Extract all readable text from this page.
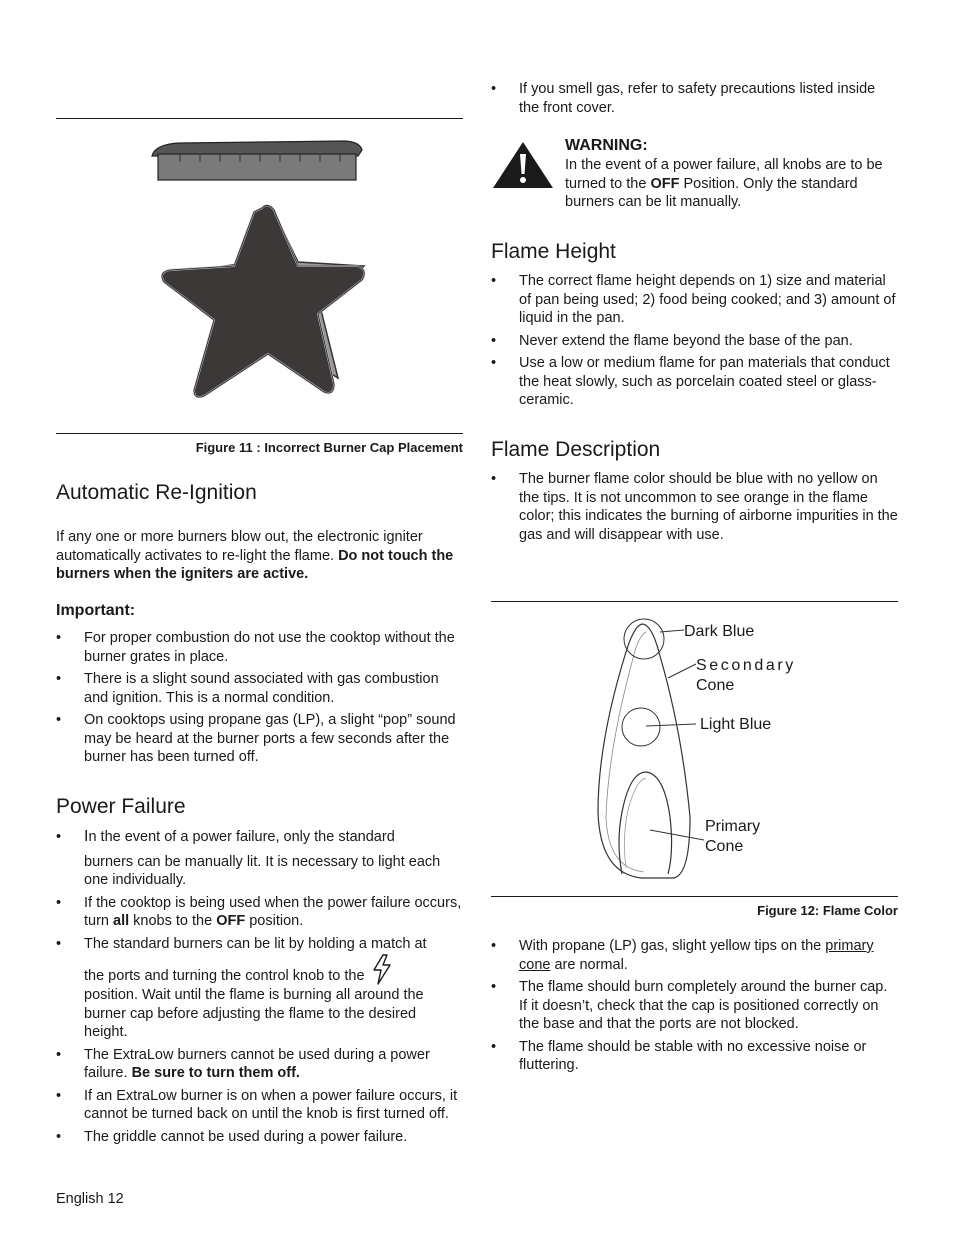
Figure 11 : Incorrect Burner Cap Placement
Automatic Re-Ignition

If any one or more burners blow out, the electronic igniter automatically activates to re-light the flame. Do not touch the burners when the igniters are active.

Important:
• For proper combustion do not use the cooktop without the burner grates in place.
• There is a slight sound associated with gas combustion and ignition. This is a normal condition.
• On cooktops using propane gas (LP), a slight “pop” sound may be heard at the burner ports a few seconds after the burner has been turned off.
Power Failure
• In the event of a power failure, only the standard

burners can be manually lit. It is necessary to light each one individually.
• If the cooktop is being used when the power failure occurs, turn all knobs to the OFF position.
• The standard burners can be lit by holding a match at
the ports and turning the control knob to the
position. Wait until the flame is burning all around the burner cap before adjusting the flame to the desired height.
• The ExtraLow burners cannot be used during a power failure. Be sure to turn them off.
• If an ExtraLow burner is on when a power failure occurs, it cannot be turned back on until the knob is first turned off.
• The griddle cannot be used during a power failure.

English 12

• If you smell gas, refer to safety precautions listed inside the front cover.
WARNING:
In the event of a power failure, all knobs are to be turned to the OFF Position. Only the standard burners can be lit manually.
Flame Height
• The correct flame height depends on 1) size and material of pan being used; 2) food being cooked; and 3) amount of liquid in the pan.
• Never extend the flame beyond the base of the pan.
• Use a low or medium flame for pan materials that conduct the heat slowly, such as porcelain coated steel or glass-ceramic.
Flame Description
• The burner flame color should be blue with no yellow on the tips. It is not uncommon to see orange in the flame color; this indicates the burning of airborne impurities in the gas and will disappear with use.
Dark Blue
Secondary
Cone
Light Blue
Primary
Cone
Figure 12: Flame Color
• With propane (LP) gas, slight yellow tips on the primary cone are normal.
• The flame should burn completely around the burner cap. If it doesn’t, check that the cap is positioned correctly on the base and that the ports are not blocked.
• The flame should be stable with no excessive noise or fluttering.
